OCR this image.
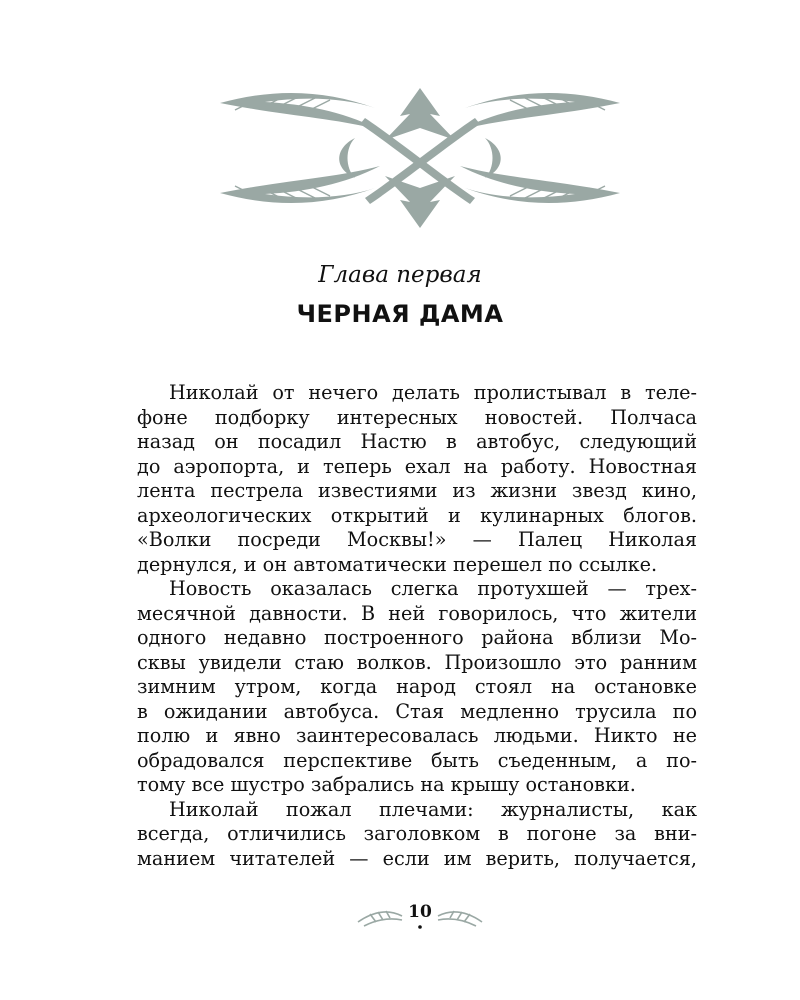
Глава первая
ЧЕРНАЯ ДАМА
Николай от нечего делать пролистывал в теле-
фоне подборку интересных новостей. Полчаса
назад он посадил Настю в автобус, следующий
до аэропорта, и теперь ехал на работу. Новостная
лента пестрела известиями из жизни звезд кино,
археологических открытий и кулинарных блогов.
«Волки посреди Москвы!» — Палец Николая
дернулся, и он автоматически перешел по ссылке.
Новость оказалась слегка протухшей — трех-
месячной давности. В ней говорилось, что жители
одного недавно построенного района вблизи Мо-
сквы увидели стаю волков. Произошло это ранним
зимним утром, когда народ стоял на остановке
в ожидании автобуса. Стая медленно трусила по
полю и явно заинтересовалась людьми. Никто не
обрадовался перспективе быть съеденным, а по-
тому все шустро забрались на крышу остановки.
Николай пожал плечами: журналисты, как
всегда, отличились заголовком в погоне за вни-
манием читателей — если им верить, получается,
10
